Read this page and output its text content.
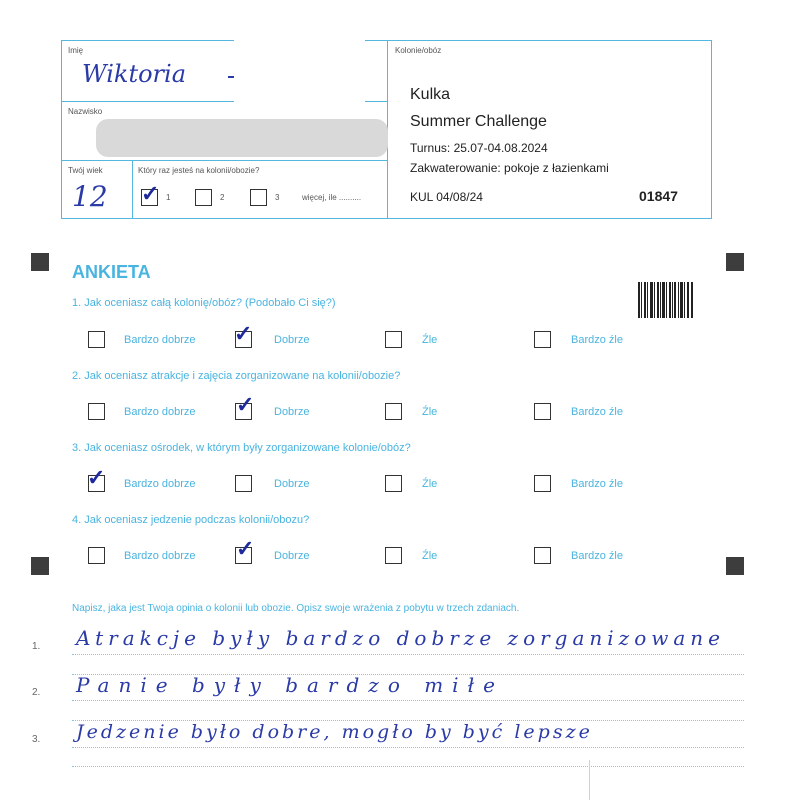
Imię
Wiktoria
Nazwisko
Twój wiek
12
Który raz jesteś na kolonii/obozie?
✓ 1	2	3	więcej, ile ..........
Kolonie/obóz
Kulka
Summer Challenge
Turnus: 25.07-04.08.2024
Zakwaterowanie: pokoje z łazienkami
KUL 04/08/24	01847
ANKIETA
1. Jak oceniasz całą kolonię/obóz? (Podobało Ci się?)
Bardzo dobrze ✓ Dobrze	Źle	Bardzo źle
2. Jak oceniasz atrakcje i zajęcia zorganizowane na kolonii/obozie?
Bardzo dobrze ✓ Dobrze	Źle	Bardzo źle
3. Jak oceniasz ośrodek, w którym były zorganizowane kolonie/obóz?
✓ Bardzo dobrze	Dobrze	Źle	Bardzo źle
4. Jak oceniasz jedzenie podczas kolonii/obozu?
Bardzo dobrze ✓ Dobrze	Źle	Bardzo źle
Napisz, jaka jest Twoja opinia o kolonii lub obozie. Opisz swoje wrażenia z pobytu w trzech zdaniach.
1. Atrakcje były bardzo dobrze zorganizowane
2. Panie były bardzo miłe
3. Jedzenie było dobre, mogło by być lepsze
